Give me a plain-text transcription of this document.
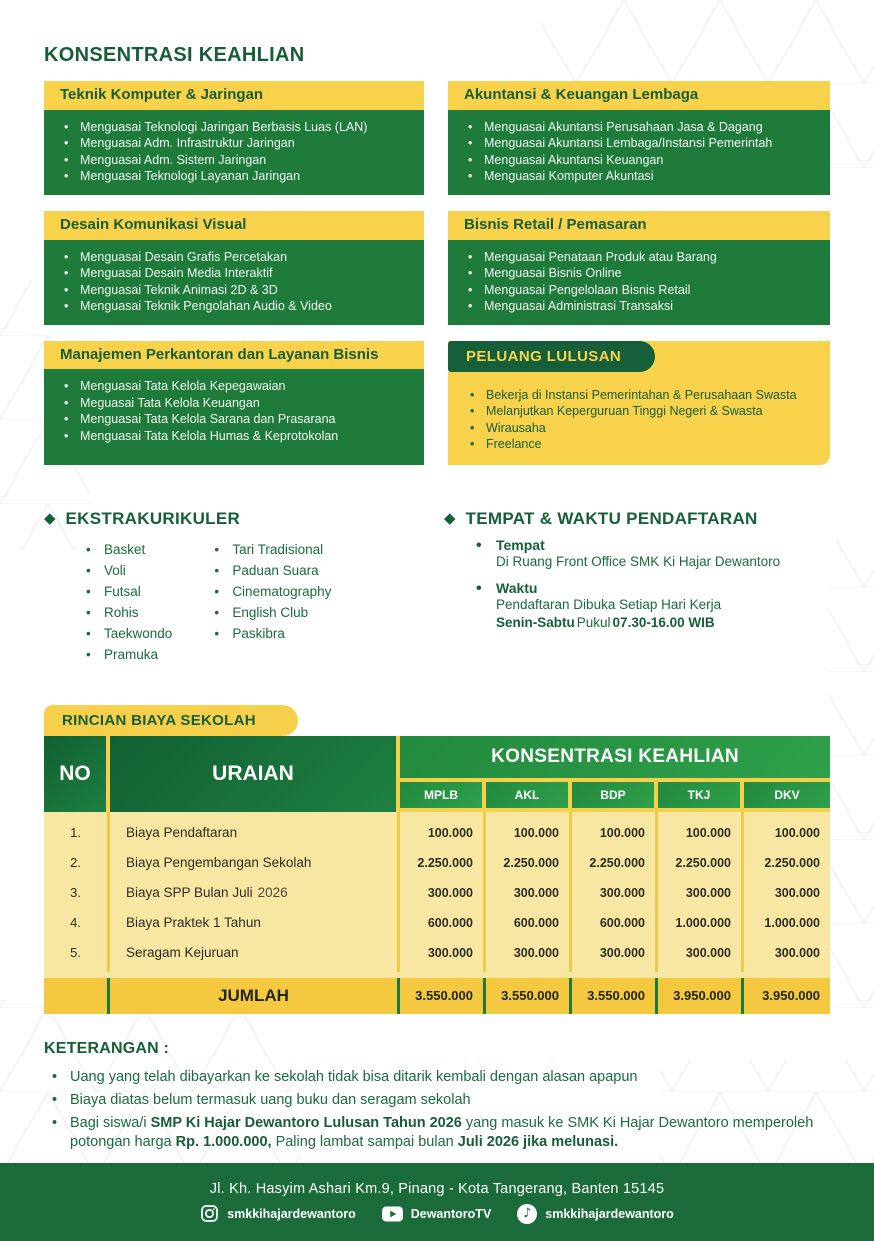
KONSENTRASI KEAHLIAN
Teknik Komputer & Jaringan
• Menguasai Teknologi Jaringan Berbasis Luas (LAN)
• Menguasai Adm. Infrastruktur Jaringan
• Menguasai Adm. Sistem Jaringan
• Menguasai Teknologi Layanan Jaringan
Akuntansi & Keuangan Lembaga
• Menguasai Akuntansi Perusahaan Jasa & Dagang
• Menguasai Akuntansi Lembaga/Instansi Pemerintah
• Menguasai Akuntansi Keuangan
• Menguasai Komputer Akuntasi
Desain Komunikasi Visual
• Menguasai Desain Grafis Percetakan
• Menguasai Desain Media Interaktif
• Menguasai Teknik Animasi 2D & 3D
• Menguasai Teknik Pengolahan Audio & Video
Bisnis Retail / Pemasaran
• Menguasai Penataan Produk atau Barang
• Menguasai Bisnis Online
• Menguasai Pengelolaan Bisnis Retail
• Menguasai Administrasi Transaksi
Manajemen Perkantoran dan Layanan Bisnis
• Menguasai Tata Kelola Kepegawaian
• Meguasai Tata Kelola Keuangan
• Menguasai Tata Kelola Sarana dan Prasarana
• Menguasai Tata Kelola Humas & Keprotokolan
PELUANG LULUSAN
• Bekerja di Instansi Pemerintahan & Perusahaan Swasta
• Melanjutkan Keperguruan Tinggi Negeri & Swasta
• Wirausaha
• Freelance
◆ EKSTRAKURIKULER
• Basket
• Voli
• Futsal
• Rohis
• Taekwondo
• Pramuka
• Tari Tradisional
• Paduan Suara
• Cinematography
• English Club
• Paskibra
◆ TEMPAT & WAKTU PENDAFTARAN
• Tempat
Di Ruang Front Office SMK Ki Hajar Dewantoro
• Waktu
Pendaftaran Dibuka Setiap Hari Kerja
Senin-Sabtu Pukul 07.30-16.00 WIB
RINCIAN BIAYA SEKOLAH
NO	URAIAN
KONSENTRASI KEAHLIAN
MPLB	AKL	BDP	TKJ	DKV
1.	Biaya Pendaftaran	100.000	100.000	100.000	100.000	100.000
2.	Biaya Pengembangan Sekolah	2.250.000	2.250.000	2.250.000	2.250.000	2.250.000
3.	Biaya SPP Bulan Juli 2026	300.000	300.000	300.000	300.000	300.000
4.	Biaya Praktek 1 Tahun	600.000	600.000	600.000	1.000.000	1.000.000
5.	Seragam Kejuruan	300.000	300.000	300.000	300.000	300.000
JUMLAH	3.550.000	3.550.000	3.550.000	3.950.000	3.950.000
KETERANGAN :
• Uang yang telah dibayarkan ke sekolah tidak bisa ditarik kembali dengan alasan apapun
• Biaya diatas belum termasuk uang buku dan seragam sekolah
• Bagi siswa/i SMP Ki Hajar Dewantoro Lulusan Tahun 2026 yang masuk ke SMK Ki Hajar Dewantoro memperoleh potongan harga Rp. 1.000.000, Paling lambat sampai bulan Juli 2026 jika melunasi.
Jl. Kh. Hasyim Ashari Km.9, Pinang - Kota Tangerang, Banten 15145
smkkihajardewantoro	DewantoroTV	♪	smkkihajardewantoro
